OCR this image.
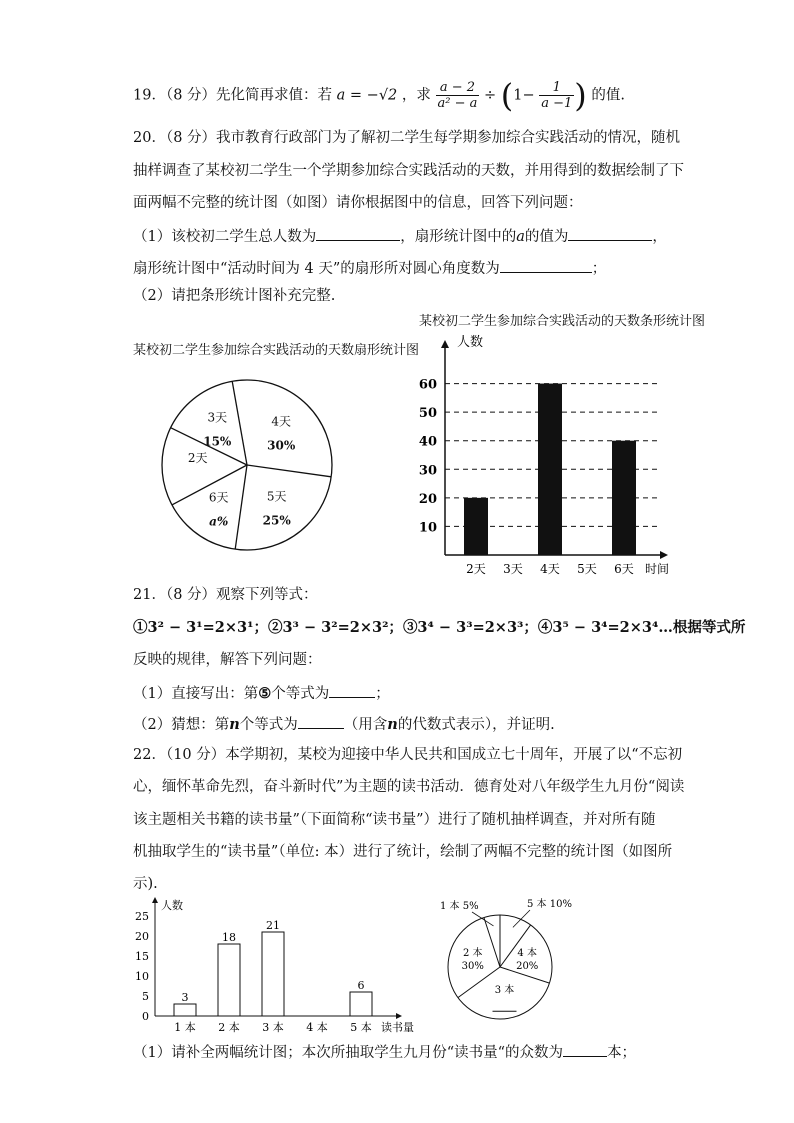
19．（8 分）先化简再求值：若 a = −√2 ，求 $\frac{a - 2}{\text{a² − a}} \div (1- \frac{1}{a -1}$ ) 的值.
20．（8 分）我市教育行政部门为了解初二学生每学期参加综合实践活动的情况，随机
抽样调查了某校初二学生一个学期参加综合实践活动的天数，并用得到的数据绘制了下
面两幅不完整的统计图（如图）请你根据图中的信息，回答下列问题：
（1）该校初二学生总人数为	，扇形统计图中的a的值为	，
扇形统计图中“活动时间为 4 天”的扇形所对圆心角度数为	；
（2）请把条形统计图补充完整.
某校初二学生参加综合实践活动的天数扇形统计图
4天
30%
5天
25%
6天
a%
2天
3天
15%
某校初二学生参加综合实践活动的天数条形统计图
人数
时间
10
20
30
40
50
60
2天 3天 4天 5天 6天
21．（8 分）观察下列等式：
①3² − 3¹=2×3¹；②3³ − 3²=2×3²；③3⁴ − 3³=2×3³；④3⁵ − 3⁴=2×3⁴…根据等式所
反映的规律，解答下列问题：
（1）直接写出：第⑤个等式为	；
（2）猜想：第n个等式为	（用含n的代数式表示），并证明.
22．（10 分）本学期初，某校为迎接中华人民共和国成立七十周年，开展了以“不忘初
心，缅怀革命先烈，奋斗新时代”为主题的读书活动．德育处对八年级学生九月份“阅读
该主题相关书籍的读书量”（下面简称“读书量”）进行了随机抽样调查，并对所有随
机抽取学生的“读书量”（单位: 本）进行了统计，绘制了两幅不完整的统计图（如图所
示).
人数
读书量
0
5
10
15
20
25
1 本
3
2 本
18
3 本
21
4 本 5 本
6
1 本 5%	5 本 10%
4 本
20%
3 本
2 本
30%
（1）请补全两幅统计图；本次所抽取学生九月份“读书量“的众数为	本；
